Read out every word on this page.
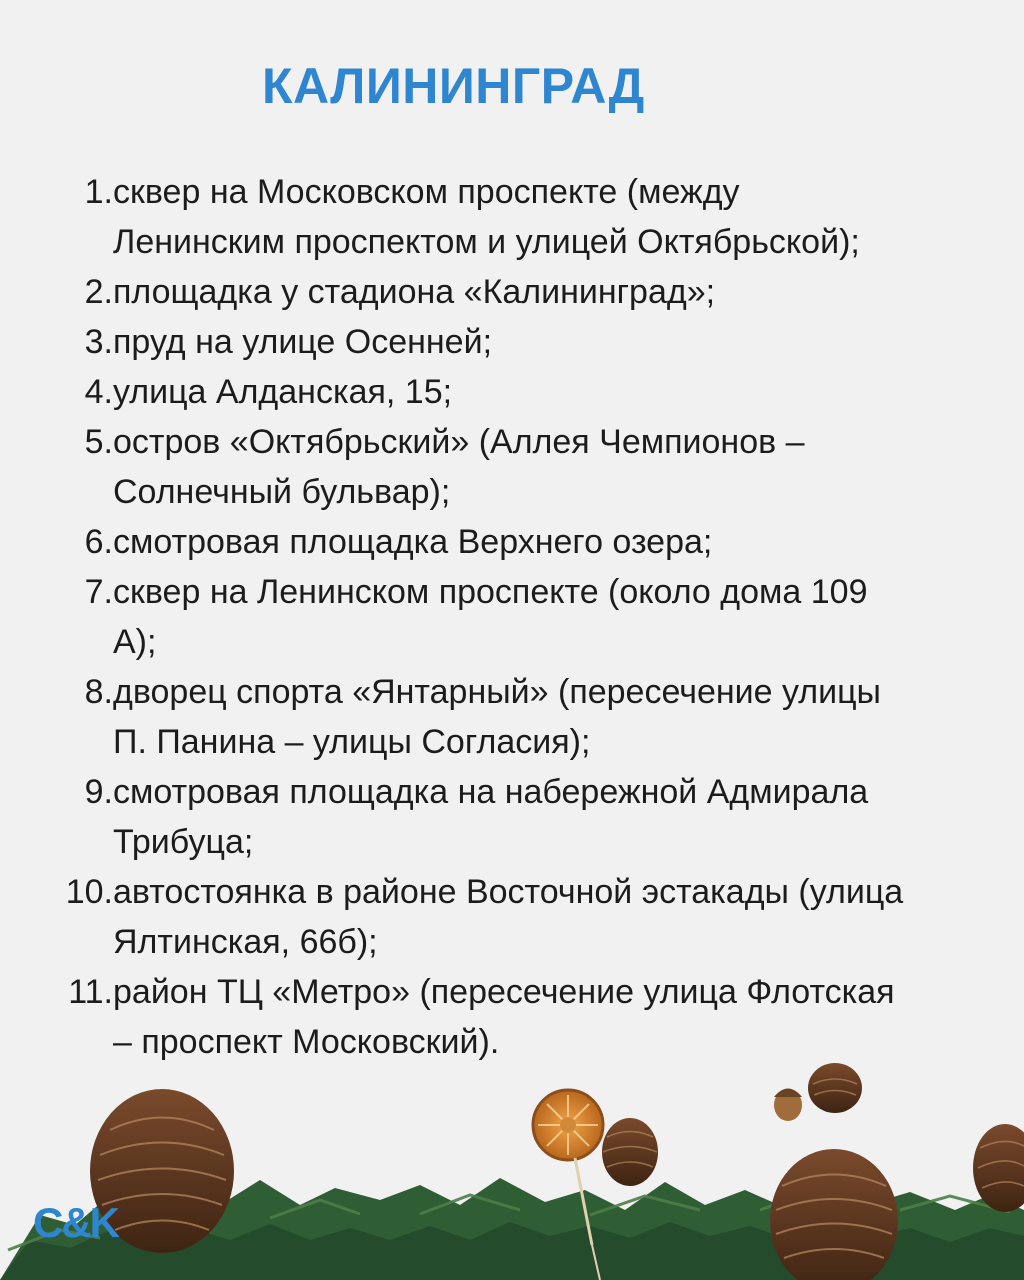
КАЛИНИНГРАД
1. сквер на Московском проспекте (между
Ленинским проспектом и улицей Октябрьской);
2. площадка у стадиона «Калининград»;
3. пруд на улице Осенней;
4. улица Алданская, 15;
5. остров «Октябрьский» (Аллея Чемпионов –
Солнечный бульвар);
6. смотровая площадка Верхнего озера;
7. сквер на Ленинском проспекте (около дома 109
А);
8. дворец спорта «Янтарный» (пересечение улицы
П. Панина – улицы Согласия);
9. смотровая площадка на набережной Адмирала
Трибуца;
10. автостоянка в районе Восточной эстакады (улица
Ялтинская, 66б);
11. район ТЦ «Метро» (пересечение улица Флотская
– проспект Московский).
C&K
